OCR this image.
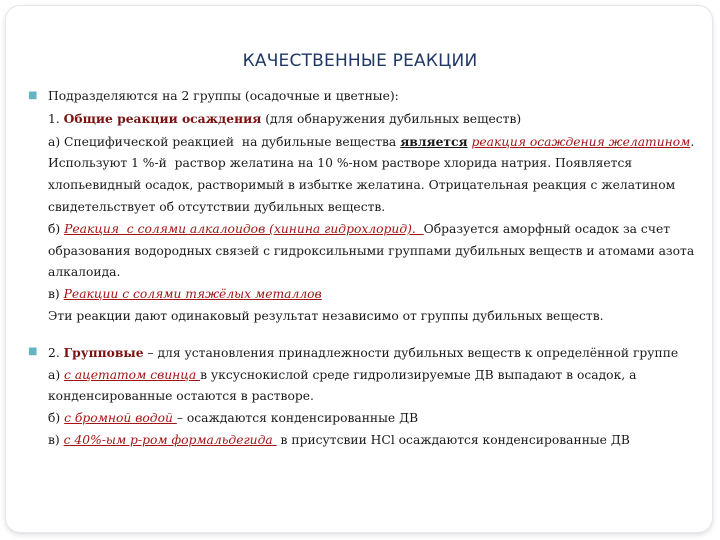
КАЧЕСТВЕННЫЕ РЕАКЦИИ
■ Подразделяются на 2 группы (осадочные и цветные):
1. Общие реакции осаждения (для обнаружения дубильных веществ)
а) Специфической реакцией  на дубильные вещества является реакция осаждения желатином. Используют 1 %-й  раствор желатина на 10 %-ном растворе хлорида натрия. Появляется хлопьевидный осадок, растворимый в избытке желатина. Отрицательная реакция с желатином свидетельствует об отсутствии дубильных веществ.
б) Реакция  с солями алкалоидов (хинина гидрохлорид).  Образуется аморфный осадок за счет образования водородных связей с гидроксильными группами дубильных веществ и атомами азота алкалоида.
в) Реакции с солями тяжёлых металлов
Эти реакции дают одинаковый результат независимо от группы дубильных веществ.
■ 2. Групповые – для установления принадлежности дубильных веществ к определённой группе
а) с ацетатом свинца в уксуснокислой среде гидролизируемые ДВ выпадают в осадок, а конденсированные остаются в растворе.
б) с бромной водой – осаждаются конденсированные ДВ
в) с 40%-ым р-ром формальдегида  в присутсвии HCl осаждаются конденсированные ДВ
